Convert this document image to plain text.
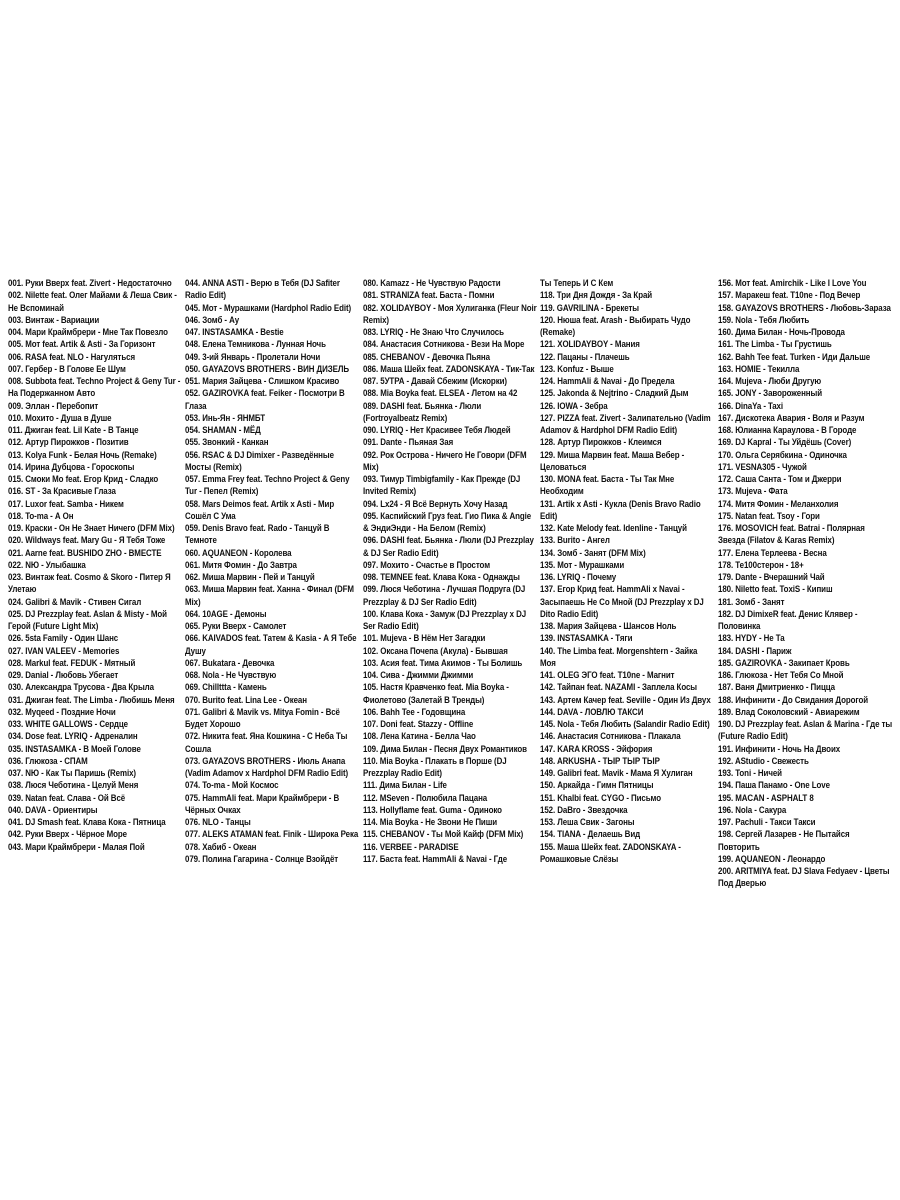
001. Руки Вверх feat. Zivert - Недостаточно
002. Nilette feat. Олег Майами & Леша Свик - Не Вспоминай
003. Винтаж - Вариации
004. Мари Краймбрери - Мне Так Повезло
005. Мот feat. Artik & Asti - За Горизонт
006. RASA feat. NLO - Нагуляться
007. Гербер - В Голове Ее Шум
008. Subbota feat. Techno Project & Geny Tur - На Подержанном Авто
009. Эллан - Перебопит
010. Мохито - Душа в Душе
011. Джиган feat. Lil Kate - В Танце
012. Артур Пирожков - Позитив
013. Kolya Funk - Белая Ночь (Remake)
014. Ирина Дубцова - Гороскопы
015. Смоки Мо feat. Егор Крид - Сладко
016. ST - За Красивые Глаза
017. Luxor feat. Samba - Никем
018. To-ma - А Он
019. Краски - Он Не Знает Ничего (DFM Mix)
020. Wildways feat. Mary Gu - Я Тебя Тоже
021. Aarne feat. BUSHIDO ZHO - ВМЕСТЕ
022. NЮ - Улыбашка
023. Винтаж feat. Cosmo & Skoro - Питер Я Улетаю
024. Galibri & Mavik - Стивен Сигал
025. DJ Prezzplay feat. Aslan & Misty - Мой Герой (Future Light Mix)
026. 5sta Family - Один Шанс
027. IVAN VALEEV - Memories
028. Markul feat. FEDUK - Мятный
029. Danial - Любовь Убегает
030. Александра Трусова - Два Крыла
031. Джиган feat. The Limba - Любишь Меня
032. Myqeed - Поздние Ночи
033. WHITE GALLOWS - Сердце
034. Dose feat. LYRIQ - Адреналин
035. INSTASAMKA - В Моей Голове
036. Глюкоза - СПАМ
037. NЮ - Как Ты Паришь (Remix)
038. Люся Чеботина - Целуй Меня
039. Natan feat. Слава - Ой Всё
040. DAVA - Ориентиры
041. DJ Smash feat. Клава Кока - Пятница
042. Руки Вверх - Чёрное Море
043. Мари Краймбрери - Малая Пой
044. ANNA ASTI - Верю в Тебя (DJ Safiter Radio Edit)
045. Мот - Мурашками (Hardphol Radio Edit)
046. Зомб - Ау
047. INSTASAMKA - Bestie
048. Елена Темникова - Лунная Ночь
049. 3-ий Январь - Пролетали Ночи
050. GAYAZOVS BROTHERS - ВИН ДИЗЕЛЬ
051. Мария Зайцева - Слишком Красиво
052. GAZIROVKA feat. Feiker - Посмотри В Глаза
053. Инь-Ян - ЯНМБТ
054. SHAMAN - МЁД
055. Звонкий - Канкан
056. RSAC & DJ Dimixer - Разведённые Мосты (Remix)
057. Emma Frey feat. Techno Project & Geny Tur - Пепел (Remix)
058. Mars Deimos feat. Artik x Asti - Мир Сошёл С Ума
059. Denis Bravo feat. Rado - Танцуй В Темноте
060. AQUANEON - Королева
061. Митя Фомин - До Завтра
062. Миша Марвин - Пей и Танцуй
063. Миша Марвин feat. Ханна - Финал (DFM Mix)
064. 10AGE - Демоны
065. Руки Вверх - Самолет
066. KAIVADOS feat. Татем & Kasia - А Я Тебе Душу
067. Bukatara - Девочка
068. Nola - Не Чувствую
069. Chillttta - Камень
070. Burito feat. Lina Lee - Океан
071. Galibri & Mavik vs. Mitya Fomin - Всё Будет Хорошо
072. Никита feat. Яна Кошкина - С Неба Ты Сошла
073. GAYAZOVS BROTHERS - Июль Анапа (Vadim Adamov x Hardphol DFM Radio Edit)
074. To-ma - Мой Космос
075. HammAli feat. Мари Краймбрери - В Чёрных Очках
076. NLO - Танцы
077. ALEKS ATAMAN feat. Finik - Широка Река
078. Хабиб - Океан
079. Полина Гагарина - Солнце Взойдёт
080. Kamazz - Не Чувствую Радости
081. STRANIZA feat. Баста - Помни
082. XOLIDAYBOY - Моя Хулиганка (Fleur Noir Remix)
083. LYRIQ - Не Знаю Что Случилось
084. Анастасия Сотникова - Вези На Море
085. CHEBANOV - Девочка Пьяна
086. Маша Шейх feat. ZADONSKAYA - Тик-Так
087. 5УТРА - Давай Сбежим (Искорки)
088. Mia Boyka feat. ELSEA - Летом на 42
089. DASHI feat. Бьянка - Люли (Fortroyalbeatz Remix)
090. LYRIQ - Нет Красивее Тебя Людей
091. Dante - Пьяная Зая
092. Рок Острова - Ничего Не Говори (DFM Mix)
093. Тимур Timbigfamily - Как Прежде (DJ Invited Remix)
094. Lx24 - Я Всё Вернуть Хочу Назад
095. Каспийский Груз feat. Гио Пика & Angie & ЭндиЭнди - На Белом (Remix)
096. DASHI feat. Бьянка - Люли (DJ Prezzplay & DJ Ser Radio Edit)
097. Мохито - Счастье в Простом
098. TEMNEE feat. Клава Кока - Однажды
099. Люся Чеботина - Лучшая Подруга (DJ Prezzplay & DJ Ser Radio Edit)
100. Клава Кока - Замуж (DJ Prezzplay x DJ Ser Radio Edit)
101. Mujeva - В Нём Нет Загадки
102. Оксана Почепа (Акула) - Бывшая
103. Асия feat. Тима Акимов - Ты Болишь
104. Сива - Джимми Джимми
105. Настя Кравченко feat. Mia Boyka - Фиолетово (Залетай В Тренды)
106. Bahh Tee - Годовщина
107. Doni feat. Stazzy - Offline
108. Лена Катина - Белла Чао
109. Дима Билан - Песня Двух Романтиков
110. Mia Boyka - Плакать в Порше (DJ Prezzplay Radio Edit)
111. Дима Билан - Life
112. MSeven - Полюбила Пацана
113. Hollyflame feat. Guma - Одиноко
114. Mia Boyka - Не Звони Не Пиши
115. CHEBANOV - Ты Мой Кайф (DFM Mix)
116. VERBEE - PARADISE
117. Баста feat. HammAli & Navai - Где
Ты Теперь И С Кем
118. Три Дня Дождя - За Край
119. GAVRILINA - Брекеты
120. Нюша feat. Arash - Выбирать Чудо (Remake)
121. XOLIDAYBOY - Мания
122. Пацаны - Плачешь
123. Konfuz - Выше
124. HammAli & Navai - До Предела
125. Jakonda & Nejtrino - Сладкий Дым
126. IOWA - Зебра
127. PIZZA feat. Zivert - Залипательно (Vadim Adamov & Hardphol DFM Radio Edit)
128. Артур Пирожков - Клеимся
129. Миша Марвин feat. Маша Вебер - Целоваться
130. MONA feat. Баста - Ты Так Мне Необходим
131. Artik x Asti - Кукла (Denis Bravo Radio Edit)
132. Kate Melody feat. Idenline - Танцуй
133. Burito - Ангел
134. Зомб - Занят (DFM Mix)
135. Мот - Мурашками
136. LYRIQ - Почему
137. Егор Крид feat. HammAli x Navai - Засыпаешь Не Со Мной (DJ Prezzplay x DJ Dito Radio Edit)
138. Мария Зайцева - Шансов Ноль
139. INSTASAMKA - Тяги
140. The Limba feat. Morgenshtern - Зайка Моя
141. OLEG ЭГО feat. T10ne - Магнит
142. Тайпан feat. NAZAMI - Заплела Косы
143. Артем Качер feat. Seville - Один Из Двух
144. DAVA - ЛОВЛЮ ТАКСИ
145. Nola - Тебя Любить (Salandir Radio Edit)
146. Анастасия Сотникова - Плакала
147. KARA KROSS - Эйфория
148. ARKUSHA - ТЫР ТЫР ТЫР
149. Galibri feat. Mavik - Мама Я Хулиган
150. Аркайда - Гимн Пятницы
151. Khalbi feat. CYGO - Письмо
152. DaBro - Звездочка
153. Леша Свик - Загоны
154. TIANA - Делаешь Вид
155. Маша Шейх feat. ZADONSKAYA - Ромашковые Слёзы
156. Мот feat. Amirchik - Like I Love You
157. Маракеш feat. T10ne - Под Вечер
158. GAYAZOVS BROTHERS - Любовь-Зараза
159. Nola - Тебя Любить
160. Дима Билан - Ночь-Провода
161. The Limba - Ты Грустишь
162. Bahh Tee feat. Turken - Иди Дальше
163. HOMIE - Текилла
164. Mujeva - Люби Другую
165. JONY - Завороженный
166. DinaYa - Taxi
167. Дискотека Авария - Воля и Разум
168. Юлианна Караулова - В Городе
169. DJ Kapral - Ты Уйдёшь (Cover)
170. Ольга Серябкина - Одиночка
171. VESNA305 - Чужой
172. Саша Санта - Том и Джерри
173. Mujeva - Фата
174. Митя Фомин - Меланхолия
175. Natan feat. Tsoy - Гори
176. MOSOVICH feat. Batrai - Полярная Звезда (Filatov & Karas Remix)
177. Елена Терлеева - Весна
178. Те100стерон - 18+
179. Dante - Вчерашний Чай
180. Niletto feat. ToxiS - Кипиш
181. Зомб - Занят
182. DJ DimixeR feat. Денис Клявер - Половинка
183. HYDY - Не Та
184. DASHI - Париж
185. GAZIROVKA - Закипает Кровь
186. Глюкоза - Нет Тебя Со Мной
187. Ваня Дмитриенко - Пицца
188. Инфинити - До Свидания Дорогой
189. Влад Соколовский - Авиарежим
190. DJ Prezzplay feat. Aslan & Marina - Где ты (Future Radio Edit)
191. Инфинити - Ночь На Двоих
192. AStudio - Свежесть
193. Toni - Ничей
194. Паша Панамо - One Love
195. MACAN - ASPHALT 8
196. Nola - Сакура
197. Pachuli - Такси Такси
198. Сергей Лазарев - Не Пытайся Повторить
199. AQUANEON - Леонардо
200. ARITMIYA feat. DJ Slava Fedyaev - Цветы Под Дверью
